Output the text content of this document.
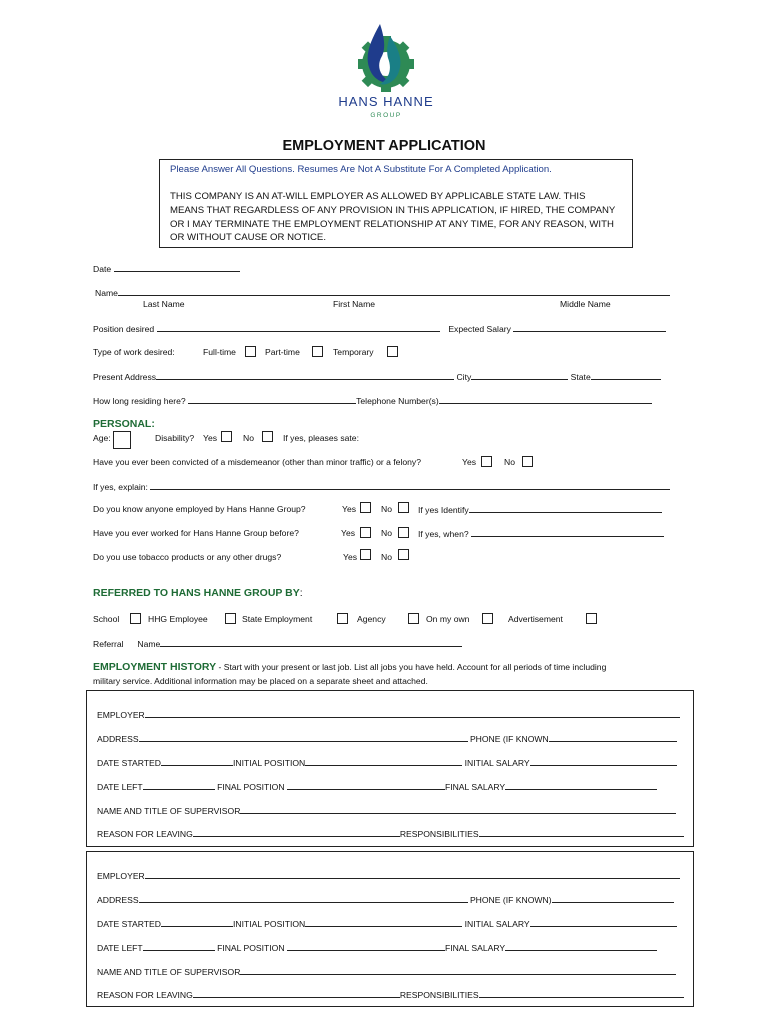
HANS HANNE
GROUP
EMPLOYMENT APPLICATION
Please Answer All Questions. Resumes Are Not A Substitute For A Completed Application.
THIS COMPANY IS AN AT-WILL EMPLOYER AS ALLOWED BY APPLICABLE STATE LAW. THIS
MEANS THAT REGARDLESS OF ANY PROVISION IN THIS APPLICATION, IF HIRED, THE COMPANY
OR I MAY TERMINATE THE EMPLOYMENT RELATIONSHIP AT ANY TIME, FOR ANY REASON, WITH
OR WITHOUT CAUSE OR NOTICE.
Date
Name
Last Name	First Name	Middle Name
Position desired	Expected Salary
Type of work desired:	Full-time	Part-time	Temporary
Present Address	City	State
How long residing here?	Telephone Number(s)
PERSONAL:
Age:	Disability? Yes	No	If yes, pleases sate:
Have you ever been convicted of a misdemeanor (other than minor traffic) or a felony?	Yes	No
If yes, explain:
Do you know anyone employed by Hans Hanne Group?	Yes	No	If yes Identify
Have you ever worked for Hans Hanne Group before?	Yes	No	If yes, when?
Do you use tobacco products or any other drugs?	Yes	No
REFERRED TO HANS HANNE GROUP BY:
School	HHG Employee	State Employment	Agency	On my own	Advertisement
Referral Name
EMPLOYMENT HISTORY - Start with your present or last job. List all jobs you have held. Account for all periods of time including
military service. Additional information may be placed on a separate sheet and attached.
EMPLOYER
ADDRESS	PHONE (IF KNOWN
DATE STARTED	INITIAL POSITION	INITIAL SALARY
DATE LEFT	FINAL POSITION	FINAL SALARY
NAME AND TITLE OF SUPERVISOR
REASON FOR LEAVING	RESPONSIBILITIES
EMPLOYER
ADDRESS	PHONE (IF KNOWN)
DATE STARTED	INITIAL POSITION	INITIAL SALARY
DATE LEFT	FINAL POSITION	FINAL SALARY
NAME AND TITLE OF SUPERVISOR
REASON FOR LEAVING	RESPONSIBILITIES
